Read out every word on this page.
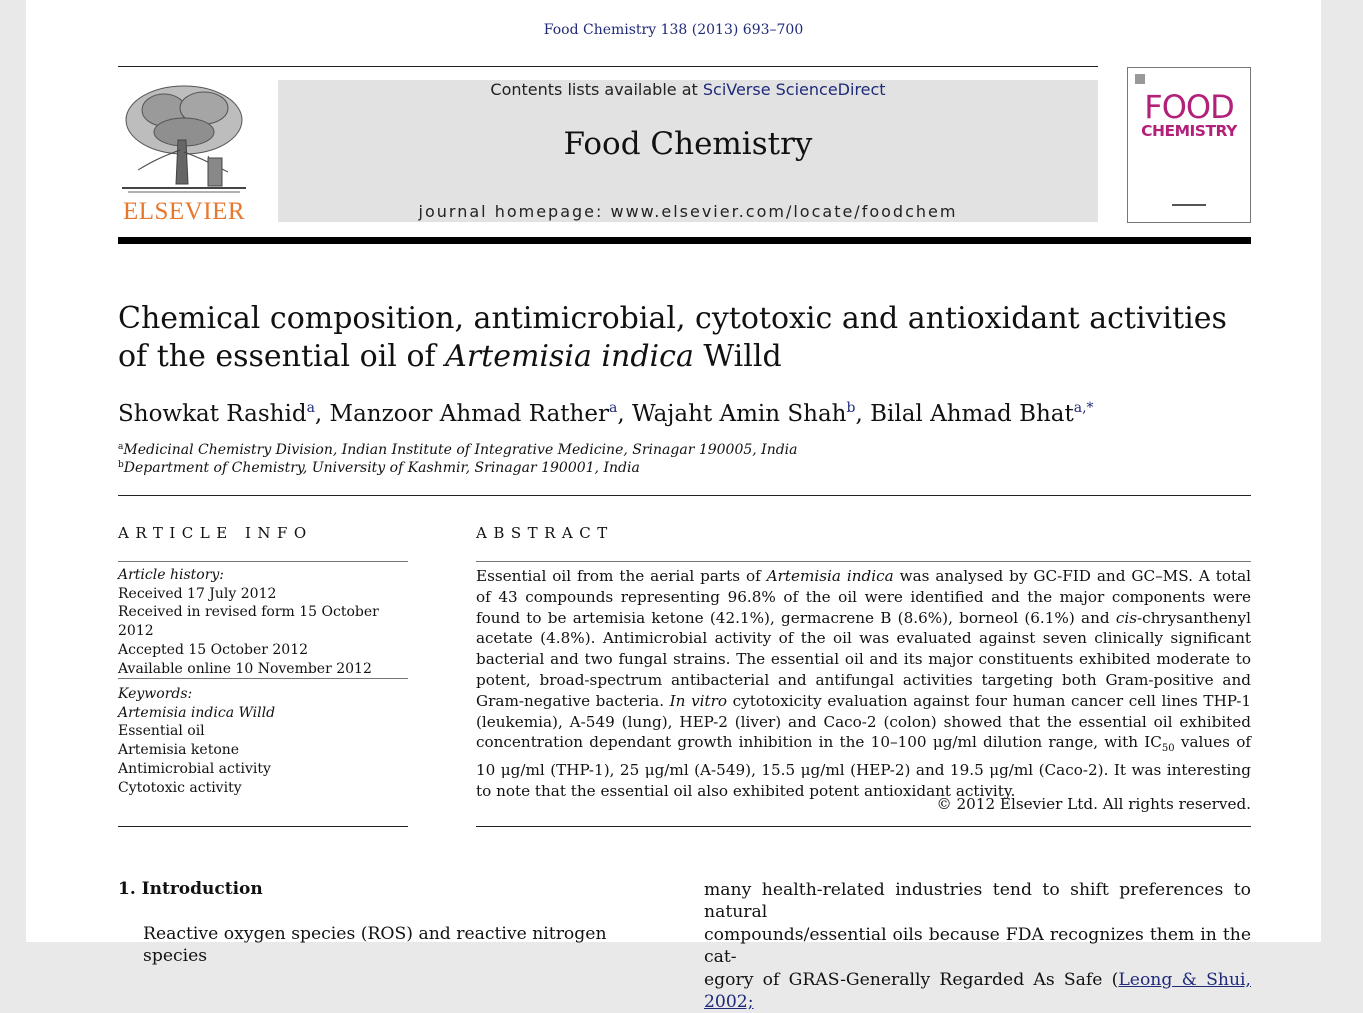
Food Chemistry 138 (2013) 693–700
ELSEVIER
Contents lists available at SciVerse ScienceDirect
Food Chemistry
journal homepage: www.elsevier.com/locate/foodchem
FOOD
CHEMISTRY
Chemical composition, antimicrobial, cytotoxic and antioxidant activities of the essential oil of Artemisia indica Willd
Showkat Rashid$^a$, Manzoor Ahmad Rather$^a$, Wajaht Amin Shah$^b$, Bilal Ahmad Bhat$^{a,*}$
$^a$Medicinal Chemistry Division, Indian Institute of Integrative Medicine, Srinagar 190005, India
$^b$Department of Chemistry, University of Kashmir, Srinagar 190001, India
ARTICLE INFO
Article history:
Received 17 July 2012
Received in revised form 15 October 2012
Accepted 15 October 2012
Available online 10 November 2012
Keywords:
Artemisia indica Willd
Essential oil
Artemisia ketone
Antimicrobial activity
Cytotoxic activity
ABSTRACT
Essential oil from the aerial parts of Artemisia indica was analysed by GC-FID and GC–MS. A total of 43 compounds representing 96.8% of the oil were identified and the major components were found to be artemisia ketone (42.1%), germacrene B (8.6%), borneol (6.1%) and cis-chrysanthenyl acetate (4.8%). Antimicrobial activity of the oil was evaluated against seven clinically significant bacterial and two fungal strains. The essential oil and its major constituents exhibited moderate to potent, broad-spectrum antibacterial and antifungal activities targeting both Gram-positive and Gram-negative bacteria. In vitro cytotoxicity evaluation against four human cancer cell lines THP-1 (leukemia), A-549 (lung), HEP-2 (liver) and Caco-2 (colon) showed that the essential oil exhibited concentration dependant growth inhibition in the 10–100 μg/ml dilution range, with $IC_{50}$ values of 10 μg/ml (THP-1), 25 μg/ml (A-549), 15.5 μg/ml (HEP-2) and 19.5 μg/ml (Caco-2). It was interesting to note that the essential oil also exhibited potent antioxidant activity.
© 2012 Elsevier Ltd. All rights reserved.
1. Introduction
Reactive oxygen species (ROS) and reactive nitrogen species
many health-related industries tend to shift preferences to natural
compounds/essential oils because FDA recognizes them in the cat-
egory of GRAS-Generally Regarded As Safe (Leong & Shui, 2002;
